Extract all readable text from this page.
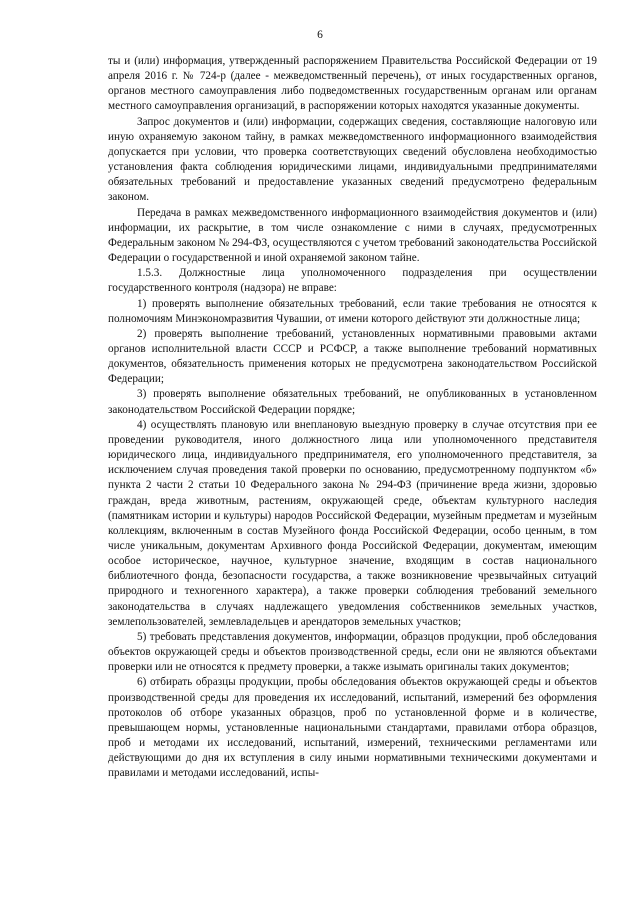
6

ты и (или) информация, утвержденный распоряжением Правительства Российской Федерации от 19 апреля 2016 г. № 724-р (далее - межведомственный перечень), от иных государственных органов, органов местного самоуправления либо подведомственных государственным органам или органам местного самоуправления организаций, в распоряжении которых находятся указанные документы.

Запрос документов и (или) информации, содержащих сведения, составляющие налоговую или иную охраняемую законом тайну, в рамках межведомственного информационного взаимодействия допускается при условии, что проверка соответствующих сведений обусловлена необходимостью установления факта соблюдения юридическими лицами, индивидуальными предпринимателями обязательных требований и предоставление указанных сведений предусмотрено федеральным законом.

Передача в рамках межведомственного информационного взаимодействия документов и (или) информации, их раскрытие, в том числе ознакомление с ними в случаях, предусмотренных Федеральным законом № 294-ФЗ, осуществляются с учетом требований законодательства Российской Федерации о государственной и иной охраняемой законом тайне.

1.5.3. Должностные лица уполномоченного подразделения при осуществлении государственного контроля (надзора) не вправе:

1) проверять выполнение обязательных требований, если такие требования не относятся к полномочиям Минэкономразвития Чувашии, от имени которого действуют эти должностные лица;

2) проверять выполнение требований, установленных нормативными правовыми актами органов исполнительной власти СССР и РСФСР, а также выполнение требований нормативных документов, обязательность применения которых не предусмотрена законодательством Российской Федерации;

3) проверять выполнение обязательных требований, не опубликованных в установленном законодательством Российской Федерации порядке;

4) осуществлять плановую или внеплановую выездную проверку в случае отсутствия при ее проведении руководителя, иного должностного лица или уполномоченного представителя юридического лица, индивидуального предпринимателя, его уполномоченного представителя, за исключением случая проведения такой проверки по основанию, предусмотренному подпунктом «б» пункта 2 части 2 статьи 10 Федерального закона № 294-ФЗ (причинение вреда жизни, здоровью граждан, вреда животным, растениям, окружающей среде, объектам культурного наследия (памятникам истории и культуры) народов Российской Федерации, музейным предметам и музейным коллекциям, включенным в состав Музейного фонда Российской Федерации, особо ценным, в том числе уникальным, документам Архивного фонда Российской Федерации, документам, имеющим особое историческое, научное, культурное значение, входящим в состав национального библиотечного фонда, безопасности государства, а также возникновение чрезвычайных ситуаций природного и техногенного характера), а также проверки соблюдения требований земельного законодательства в случаях надлежащего уведомления собственников земельных участков, землепользователей, землевладельцев и арендаторов земельных участков;

5) требовать представления документов, информации, образцов продукции, проб обследования объектов окружающей среды и объектов производственной среды, если они не являются объектами проверки или не относятся к предмету проверки, а также изымать оригиналы таких документов;

6) отбирать образцы продукции, пробы обследования объектов окружающей среды и объектов производственной среды для проведения их исследований, испытаний, измерений без оформления протоколов об отборе указанных образцов, проб по установленной форме и в количестве, превышающем нормы, установленные национальными стандартами, правилами отбора образцов, проб и методами их исследований, испытаний, измерений, техническими регламентами или действующими до дня их вступления в силу иными нормативными техническими документами и правилами и методами исследований, испы-
